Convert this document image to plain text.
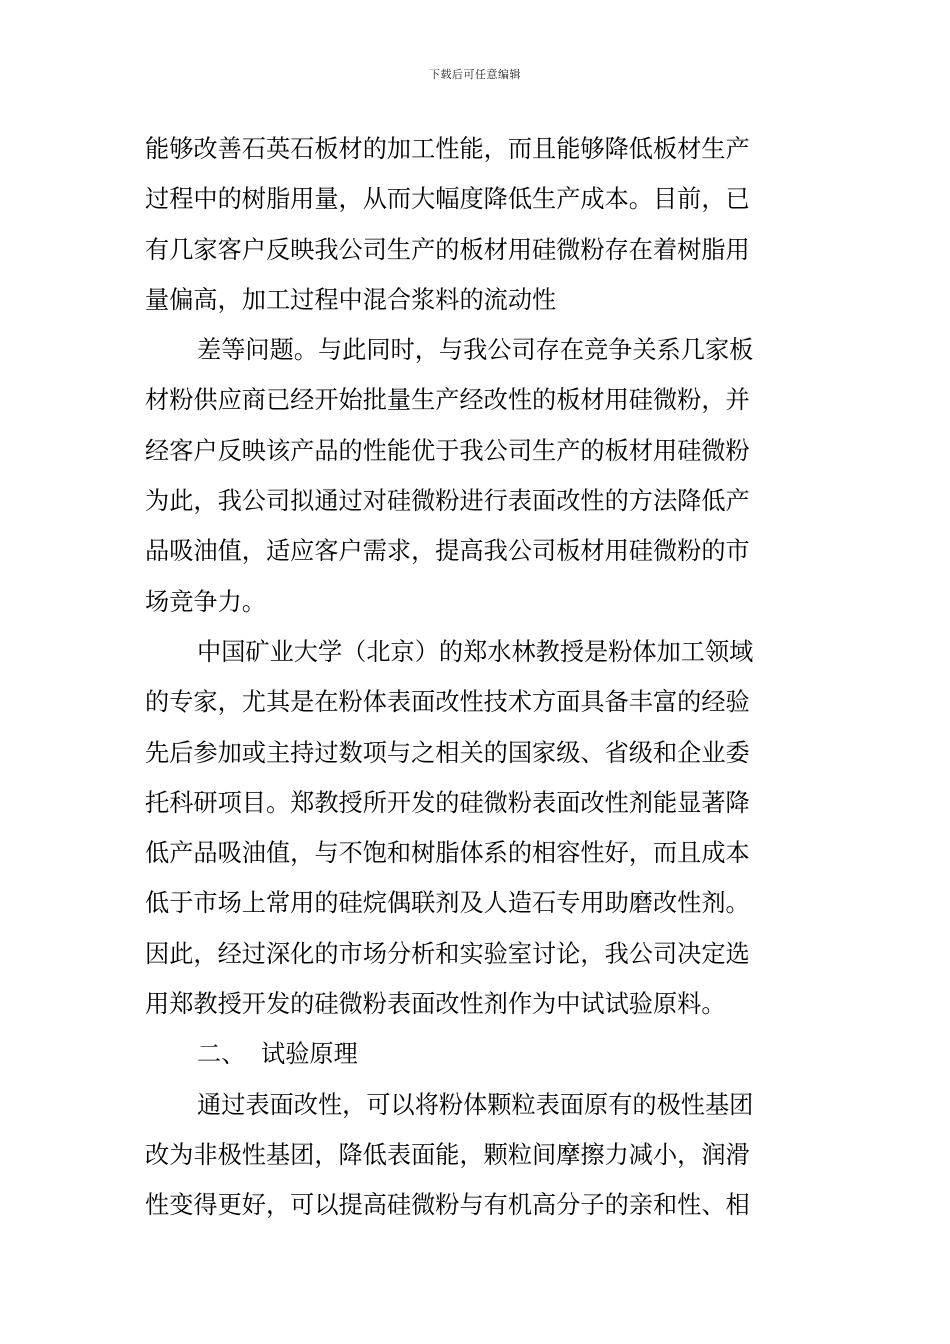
下载后可任意编辑
能够改善石英石板材的加工性能，而且能够降低板材生产
过程中的树脂用量，从而大幅度降低生产成本。目前，已
有几家客户反映我公司生产的板材用硅微粉存在着树脂用
量偏高，加工过程中混合浆料的流动性
差等问题。与此同时，与我公司存在竞争关系几家板
材粉供应商已经开始批量生产经改性的板材用硅微粉，并
经客户反映该产品的性能优于我公司生产的板材用硅微粉
为此，我公司拟通过对硅微粉进行表面改性的方法降低产
品吸油值，适应客户需求，提高我公司板材用硅微粉的市
场竞争力。
中国矿业大学（北京）的郑水林教授是粉体加工领域
的专家，尤其是在粉体表面改性技术方面具备丰富的经验
先后参加或主持过数项与之相关的国家级、省级和企业委
托科研项目。郑教授所开发的硅微粉表面改性剂能显著降
低产品吸油值，与不饱和树脂体系的相容性好，而且成本
低于市场上常用的硅烷偶联剂及人造石专用助磨改性剂。
因此，经过深化的市场分析和实验室讨论，我公司决定选
用郑教授开发的硅微粉表面改性剂作为中试试验原料。
二、 试验原理
通过表面改性，可以将粉体颗粒表面原有的极性基团
改为非极性基团，降低表面能，颗粒间摩擦力减小，润滑
性变得更好，可以提高硅微粉与有机高分子的亲和性、相
